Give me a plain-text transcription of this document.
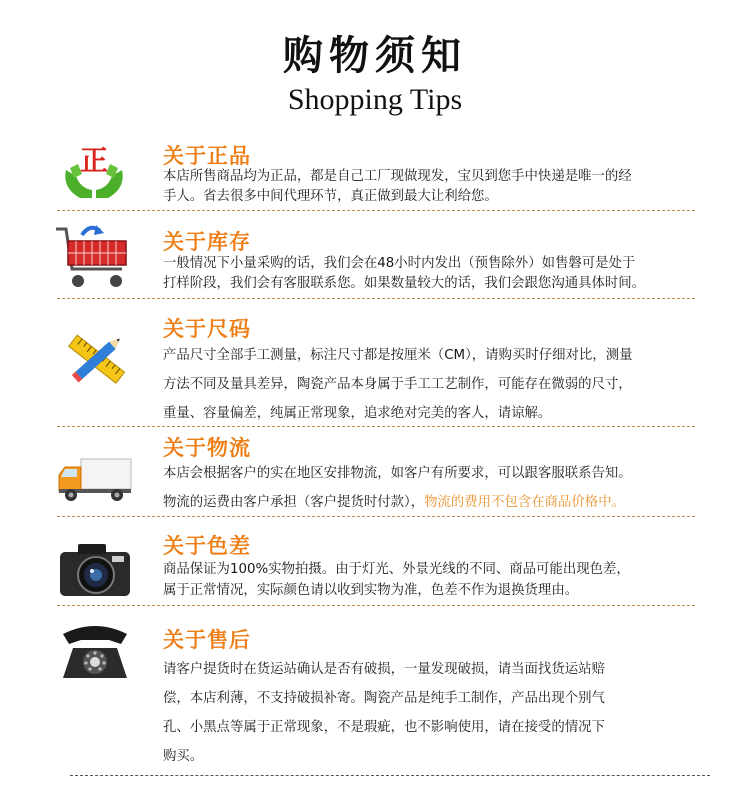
购物须知
Shopping Tips
正	关于正品
本店所售商品均为正品，都是自己工厂现做现发，宝贝到您手中快递是唯一的经
手人。省去很多中间代理环节，真正做到最大让利给您。
关于库存
一般情况下小量采购的话，我们会在48小时内发出（预售除外）如售磐可是处于
打样阶段，我们会有客服联系您。如果数量较大的话，我们会跟您沟通具体时间。
关于尺码
产品尺寸全部手工测量，标注尺寸都是按厘米（CM），请购买时仔细对比，测量
方法不同及量具差异，陶瓷产品本身属于手工工艺制作，可能存在微弱的尺寸，
重量、容量偏差，纯属正常现象，追求绝对完美的客人，请谅解。
关于物流
本店会根据客户的实在地区安排物流，如客户有所要求，可以跟客服联系告知。
物流的运费由客户承担（客户提货时付款），物流的费用不包含在商品价格中。
关于色差
商品保证为100%实物拍摄。由于灯光、外景光线的不同、商品可能出现色差，
属于正常情况，实际颜色请以收到实物为准，色差不作为退换货理由。
关于售后
请客户提货时在货运站确认是否有破损，一量发现破损，请当面找货运站赔
偿，本店利薄，不支持破损补寄。陶瓷产品是纯手工制作，产品出现个别气
孔、小黑点等属于正常现象，不是瑕疵，也不影响使用，请在接受的情况下
购买。
